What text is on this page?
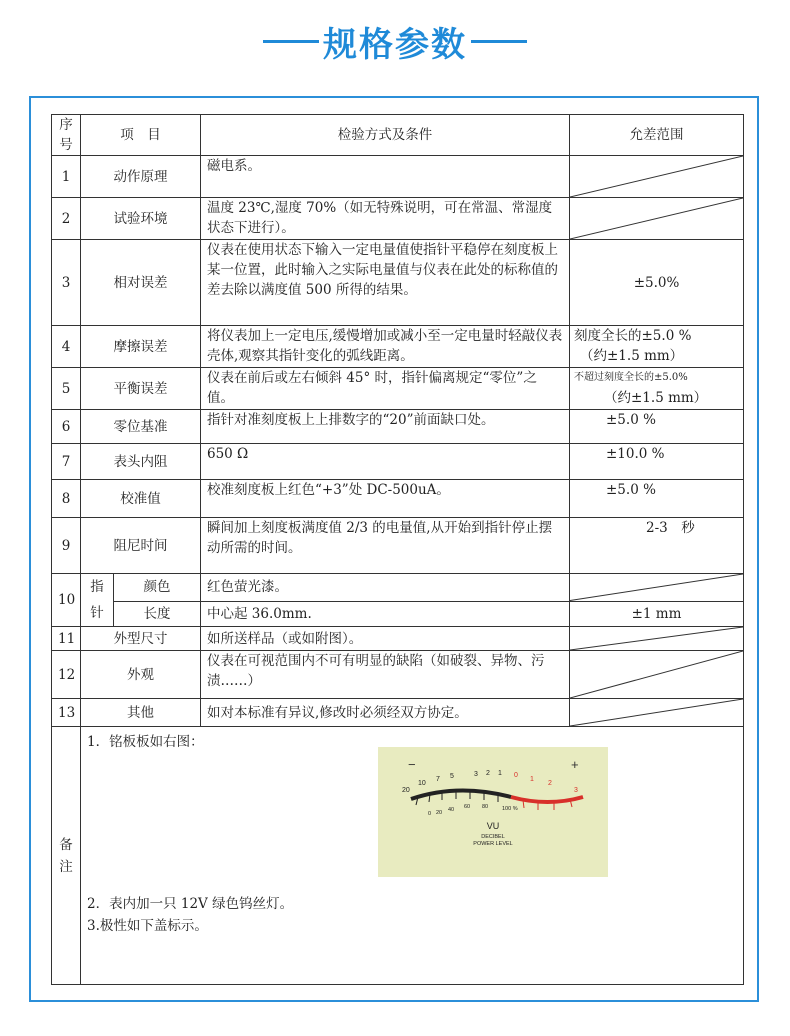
规格参数
序号	项　目		检验方式及条件	允差范围
1	动作原理		磁电系。	

2	试验环境		温度 23℃,湿度 70%（如无特殊说明，可在常温、常湿度状态下进行）。	

3	相对误差		仪表在使用状态下输入一定电量值使指针平稳停在刻度板上某一位置，此时输入之实际电量值与仪表在此处的标称值的差去除以满度值 500 所得的结果。	±5.0%
4	摩擦误差		将仪表加上一定电压,缓慢增加或减小至一定电量时轻敲仪表壳体,观察其指针变化的弧线距离。	刻度全长的±5.0 %
（约±1.5 mm）

5	平衡误差		仪表在前后或左右倾斜 45° 时，指针偏离规定“零位”之值。	不超过刻度全长的±5.0%
（约±1.5 mm）

6	零位基准		指针对准刻度板上上排数字的“20”前面缺口处。	±5.0 %
7	表头内阻		650 Ω	±10.0 %
8	校准值		校准刻度板上红色“+3”处 DC-500uA。	±5.0 %
9	阻尼时间		瞬间加上刻度板满度值 2/3 的电量值,从开始到指针停止摆动所需的时间。	2-3　秒
10	指针	颜色	红色萤光漆。	

		长度	中心起 36.0mm.	±1 mm
11	外型尺寸		如所送样品（或如附图）。	

12	外观		仪表在可视范围内不可有明显的缺陷（如破裂、异物、污渍……）	

13	其他		如对本标准有异议,修改时必须经双方协定。	

备注	1．铭板板如右图：
2．表内加一只 12V 绿色钨丝灯。
3.极性如下盖标示。			
−	+
20
10
7 5	3 2 1 0
1
2
3
0 20 40 60 80	100 %
VU
DECIBEL
POWER LEVEL
